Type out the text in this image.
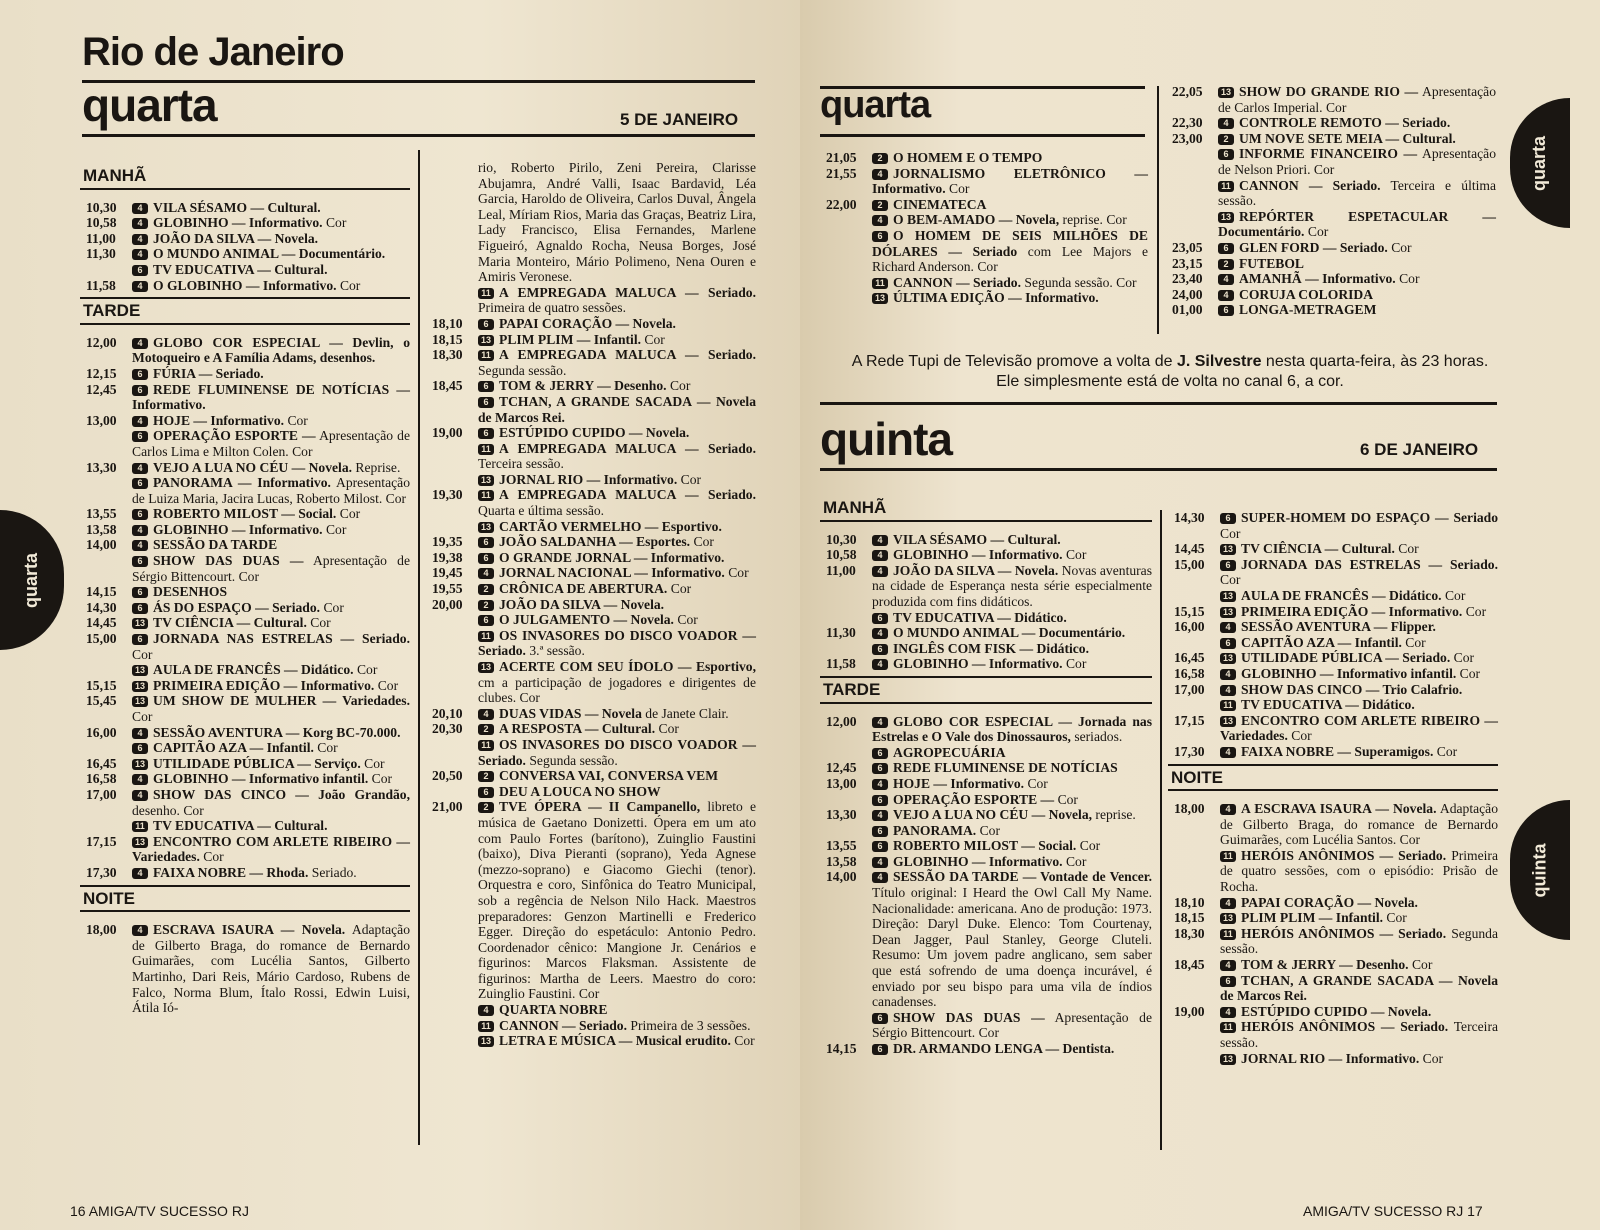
Rio de Janeiro
quarta	5 DE JANEIRO quarta
A Rede Tupi de Televisão promove a volta de J. Silvestre nesta quarta-feira, às 23 horas. Ele simplesmente está de volta no canal 6, a cor.
quinta	6 DE JANEIRO
MANHÃ
10,30 4 VILA SÉSAMO — Cultural.
10,58 4 GLOBINHO — Informativo. Cor
11,00 4 JOÃO DA SILVA — Novela.
11,30 4 O MUNDO ANIMAL — Documentário.
6 TV EDUCATIVA — Cultural.
11,58 4 O GLOBINHO — Informativo. Cor
TARDE
12,00 4 GLOBO COR ESPECIAL — Devlin, o Motoqueiro e A Família Adams, desenhos.
12,15 6 FÚRIA — Seriado.
12,45 6 REDE FLUMINENSE DE NOTÍCIAS — Informativo.
13,00 4 HOJE — Informativo. Cor
6 OPERAÇÃO ESPORTE — Apresentação de Carlos Lima e Milton Colen. Cor
13,30 4 VEJO A LUA NO CÉU — Novela. Reprise.
6 PANORAMA — Informativo. Apresentação de Luiza Maria, Jacira Lucas, Roberto Milost. Cor
13,55 6 ROBERTO MILOST — Social. Cor
13,58 4 GLOBINHO — Informativo. Cor
14,00 4 SESSÃO DA TARDE
6 SHOW DAS DUAS — Apresentação de Sérgio Bittencourt. Cor
14,15 6 DESENHOS
14,30 6 ÁS DO ESPAÇO — Seriado. Cor
14,45 13 TV CIÊNCIA — Cultural. Cor
15,00 6 JORNADA NAS ESTRELAS — Seriado. Cor
13 AULA DE FRANCÊS — Didático. Cor
15,15 13 PRIMEIRA EDIÇÃO — Informativo. Cor
15,45 13 UM SHOW DE MULHER — Variedades. Cor
16,00 4 SESSÃO AVENTURA — Korg BC-70.000.
6 CAPITÃO AZA — Infantil. Cor
16,45 13 UTILIDADE PÚBLICA — Serviço. Cor
16,58 4 GLOBINHO — Informativo infantil. Cor
17,00 4 SHOW DAS CINCO — João Grandão, desenho. Cor
11 TV EDUCATIVA — Cultural.
17,15 13 ENCONTRO COM ARLETE RIBEIRO — Variedades. Cor
17,30 4 FAIXA NOBRE — Rhoda. Seriado.
NOITE
18,00 4 ESCRAVA ISAURA — Novela. Adaptação de Gilberto Braga, do romance de Bernardo Guimarães, com Lucélia Santos, Gilberto Martinho, Dari Reis, Mário Cardoso, Rubens de Falco, Norma Blum, Ítalo Rossi, Edwin Luisi, Átila Ió-
rio, Roberto Pirilo, Zeni Pereira, Clarisse Abujamra, André Valli, Isaac Bardavid, Léa Garcia, Haroldo de Oliveira, Carlos Duval, Ângela Leal, Míriam Rios, Maria das Graças, Beatriz Lira, Lady Francisco, Elisa Fernandes, Marlene Figueiró, Agnaldo Rocha, Neusa Borges, José Maria Monteiro, Mário Polimeno, Nena Ouren e Amiris Veronese.
11 A EMPREGADA MALUCA — Seriado. Primeira de quatro sessões.
18,10 6 PAPAI CORAÇÃO — Novela.
18,15 13 PLIM PLIM — Infantil. Cor
18,30 11 A EMPREGADA MALUCA — Seriado. Segunda sessão.
18,45 6 TOM & JERRY — Desenho. Cor
6 TCHAN, A GRANDE SACADA — Novela de Marcos Rei.
19,00 6 ESTÚPIDO CUPIDO — Novela.
11 A EMPREGADA MALUCA — Seriado. Terceira sessão.
13 JORNAL RIO — Informativo. Cor
19,30 11 A EMPREGADA MALUCA — Seriado. Quarta e última sessão.
13 CARTÃO VERMELHO — Esportivo.
19,35 6 JOÃO SALDANHA — Esportes. Cor
19,38 6 O GRANDE JORNAL — Informativo.
19,45 4 JORNAL NACIONAL — Informativo. Cor
19,55 2 CRÔNICA DE ABERTURA. Cor
20,00 2 JOÃO DA SILVA — Novela.
6 O JULGAMENTO — Novela. Cor
11 OS INVASORES DO DISCO VOADOR — Seriado. 3.ª sessão.
13 ACERTE COM SEU ÍDOLO — Esportivo, cm a participação de jogadores e dirigentes de clubes. Cor
20,10 4 DUAS VIDAS — Novela de Janete Clair.
20,30 2 A RESPOSTA — Cultural. Cor
11 OS INVASORES DO DISCO VOADOR — Seriado. Segunda sessão.
20,50 2 CONVERSA VAI, CONVERSA VEM
6 DEU A LOUCA NO SHOW
21,00 2 TVE ÓPERA — II Campanello, libreto e música de Gaetano Donizetti. Ópera em um ato com Paulo Fortes (barítono), Zuinglio Faustini (baixo), Diva Pieranti (soprano), Yeda Agnese (mezzo-soprano) e Giacomo Giechi (tenor). Orquestra e coro, Sinfônica do Teatro Municipal, sob a regência de Nelson Nilo Hack. Maestros preparadores: Genzon Martinelli e Frederico Egger. Direção do espetáculo: Antonio Pedro. Coordenador cênico: Mangione Jr. Cenários e figurinos: Marcos Flaksman. Assistente de figurinos: Martha de Leers. Maestro do coro: Zuinglio Faustini. Cor
4 QUARTA NOBRE
11 CANNON — Seriado. Primeira de 3 sessões.
13 LETRA E MÚSICA — Musical erudito. Cor
21,05 2 O HOMEM E O TEMPO
21,55 4 JORNALISMO ELETRÔNICO — Informativo. Cor
22,00 2 CINEMATECA
4 O BEM-AMADO — Novela, reprise. Cor
6 O HOMEM DE SEIS MILHÕES DE DÓLARES — Seriado com Lee Majors e Richard Anderson. Cor
11 CANNON — Seriado. Segunda sessão. Cor
13 ÚLTIMA EDIÇÃO — Informativo.
22,05 13 SHOW DO GRANDE RIO — Apresentação de Carlos Imperial. Cor
22,30 4 CONTROLE REMOTO — Seriado.
23,00 2 UM NOVE SETE MEIA — Cultural.
6 INFORME FINANCEIRO — Apresentação de Nelson Priori. Cor
11 CANNON — Seriado. Terceira e última sessão.
13 REPÓRTER ESPETACULAR — Documentário. Cor
23,05 6 GLEN FORD — Seriado. Cor
23,15 2 FUTEBOL
23,40 4 AMANHÃ — Informativo. Cor
24,00 4 CORUJA COLORIDA
01,00 6 LONGA-METRAGEM
MANHÃ
10,30 4 VILA SÉSAMO — Cultural.
10,58 4 GLOBINHO — Informativo. Cor
11,00 4 JOÃO DA SILVA — Novela. Novas aventuras na cidade de Esperança nesta série especialmente produzida com fins didáticos.
6 TV EDUCATIVA — Didático.
11,30 4 O MUNDO ANIMAL — Documentário.
6 INGLÊS COM FISK — Didático.
11,58 4 GLOBINHO — Informativo. Cor
TARDE
12,00 4 GLOBO COR ESPECIAL — Jornada nas Estrelas e O Vale dos Dinossauros, seriados.
6 AGROPECUÁRIA
12,45 6 REDE FLUMINENSE DE NOTÍCIAS
13,00 4 HOJE — Informativo. Cor
6 OPERAÇÃO ESPORTE — Cor
13,30 4 VEJO A LUA NO CÉU — Novela, reprise.
6 PANORAMA. Cor
13,55 6 ROBERTO MILOST — Social. Cor
13,58 4 GLOBINHO — Informativo. Cor
14,00 4 SESSÃO DA TARDE — Vontade de Vencer. Título original: I Heard the Owl Call My Name. Nacionalidade: americana. Ano de produção: 1973. Direção: Daryl Duke. Elenco: Tom Courtenay, Dean Jagger, Paul Stanley, George Cluteli. Resumo: Um jovem padre anglicano, sem saber que está sofrendo de uma doença incurável, é enviado por seu bispo para uma vila de índios canadenses.
6 SHOW DAS DUAS — Apresentação de Sérgio Bittencourt. Cor
14,15 6 DR. ARMANDO LENGA — Dentista.
14,30 6 SUPER-HOMEM DO ESPAÇO — Seriado Cor
14,45 13 TV CIÊNCIA — Cultural. Cor
15,00 6 JORNADA DAS ESTRELAS — Seriado. Cor
13 AULA DE FRANCÊS — Didático. Cor
15,15 13 PRIMEIRA EDIÇÃO — Informativo. Cor
16,00 4 SESSÃO AVENTURA — Flipper.
6 CAPITÃO AZA — Infantil. Cor
16,45 13 UTILIDADE PÚBLICA — Seriado. Cor
16,58 4 GLOBINHO — Informativo infantil. Cor
17,00 4 SHOW DAS CINCO — Trio Calafrio.
11 TV EDUCATIVA — Didático.
17,15 13 ENCONTRO COM ARLETE RIBEIRO — Variedades. Cor
17,30 4 FAIXA NOBRE — Superamigos. Cor
NOITE
18,00 4 A ESCRAVA ISAURA — Novela. Adaptação de Gilberto Braga, do romance de Bernardo Guimarães, com Lucélia Santos. Cor
11 HERÓIS ANÔNIMOS — Seriado. Primeira de quatro sessões, com o episódio: Prisão de Rocha.
18,10 4 PAPAI CORAÇÃO — Novela.
18,15 13 PLIM PLIM — Infantil. Cor
18,30 11 HERÓIS ANÔNIMOS — Seriado. Segunda sessão.
18,45 4 TOM & JERRY — Desenho. Cor
6 TCHAN, A GRANDE SACADA — Novela de Marcos Rei.
19,00 4 ESTÚPIDO CUPIDO — Novela.
11 HERÓIS ANÔNIMOS — Seriado. Terceira sessão.
13 JORNAL RIO — Informativo. Cor
quarta
quarta
quinta
16 AMIGA/TV SUCESSO RJ	AMIGA/TV SUCESSO RJ 17
